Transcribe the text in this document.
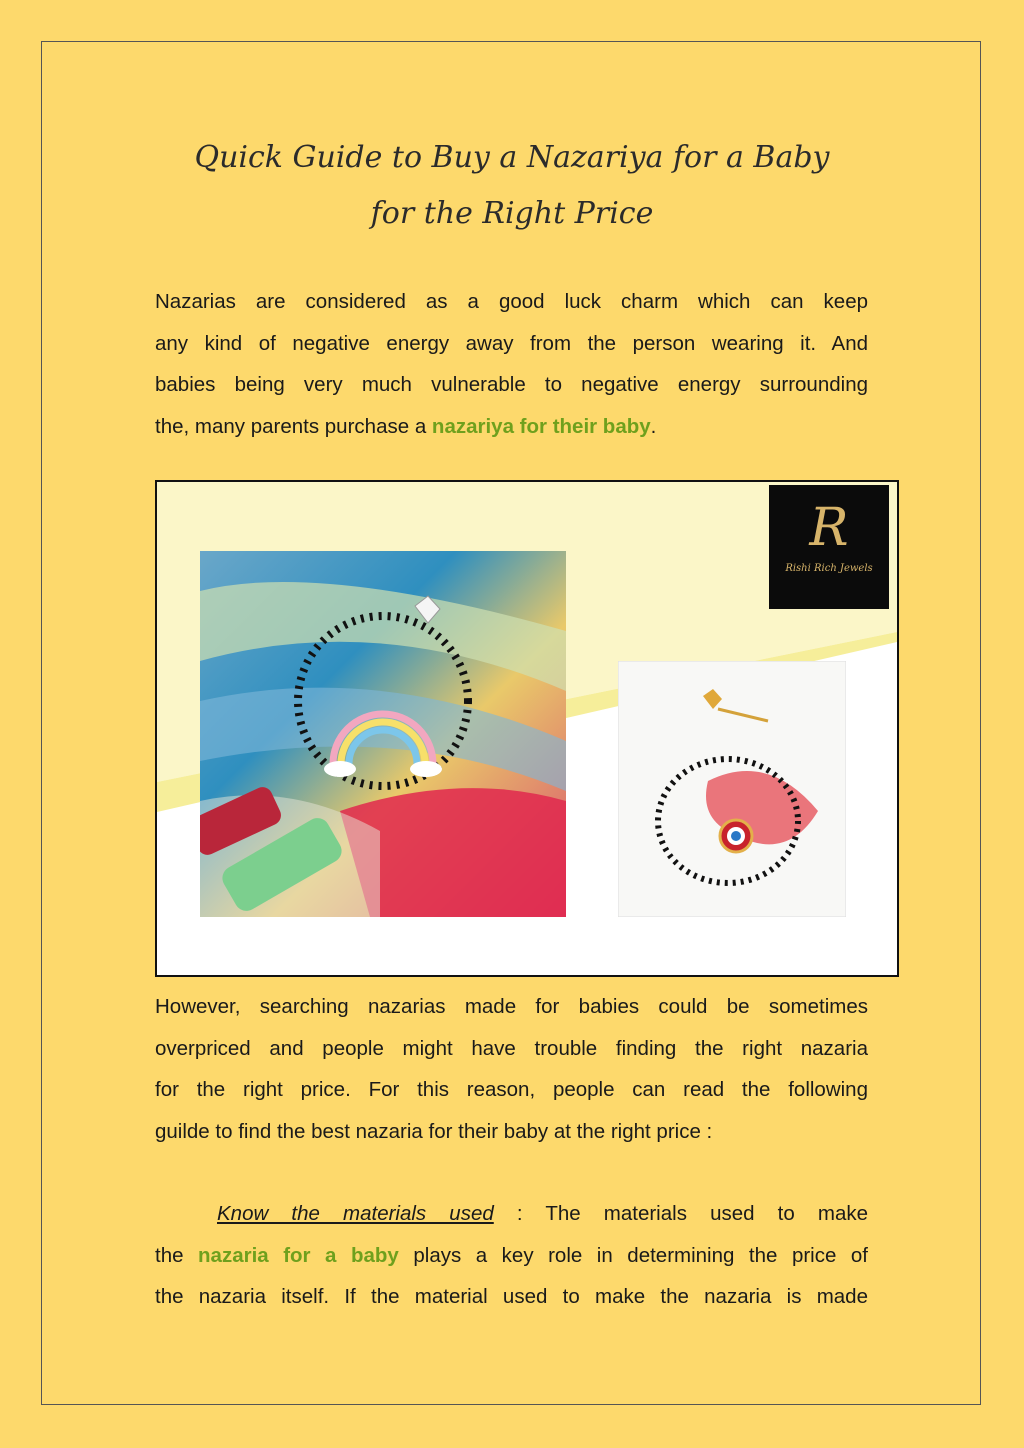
Quick Guide to Buy a Nazariya for a Baby
for the Right Price
Nazarias are considered as a good luck charm which can keep
any kind of negative energy away from the person wearing it. And
babies being very much vulnerable to negative energy surrounding
the, many parents purchase a nazariya for their baby.
R
Rishi Rich Jewels
However, searching nazarias made for babies could be sometimes
overpriced and people might have trouble finding the right nazaria
for the right price. For this reason, people can read the following
guilde to find the best nazaria for their baby at the right price :
Know the materials used : The materials used to make
the nazaria for a baby plays a key role in determining the price of
the nazaria itself. If the material used to make the nazaria is made
